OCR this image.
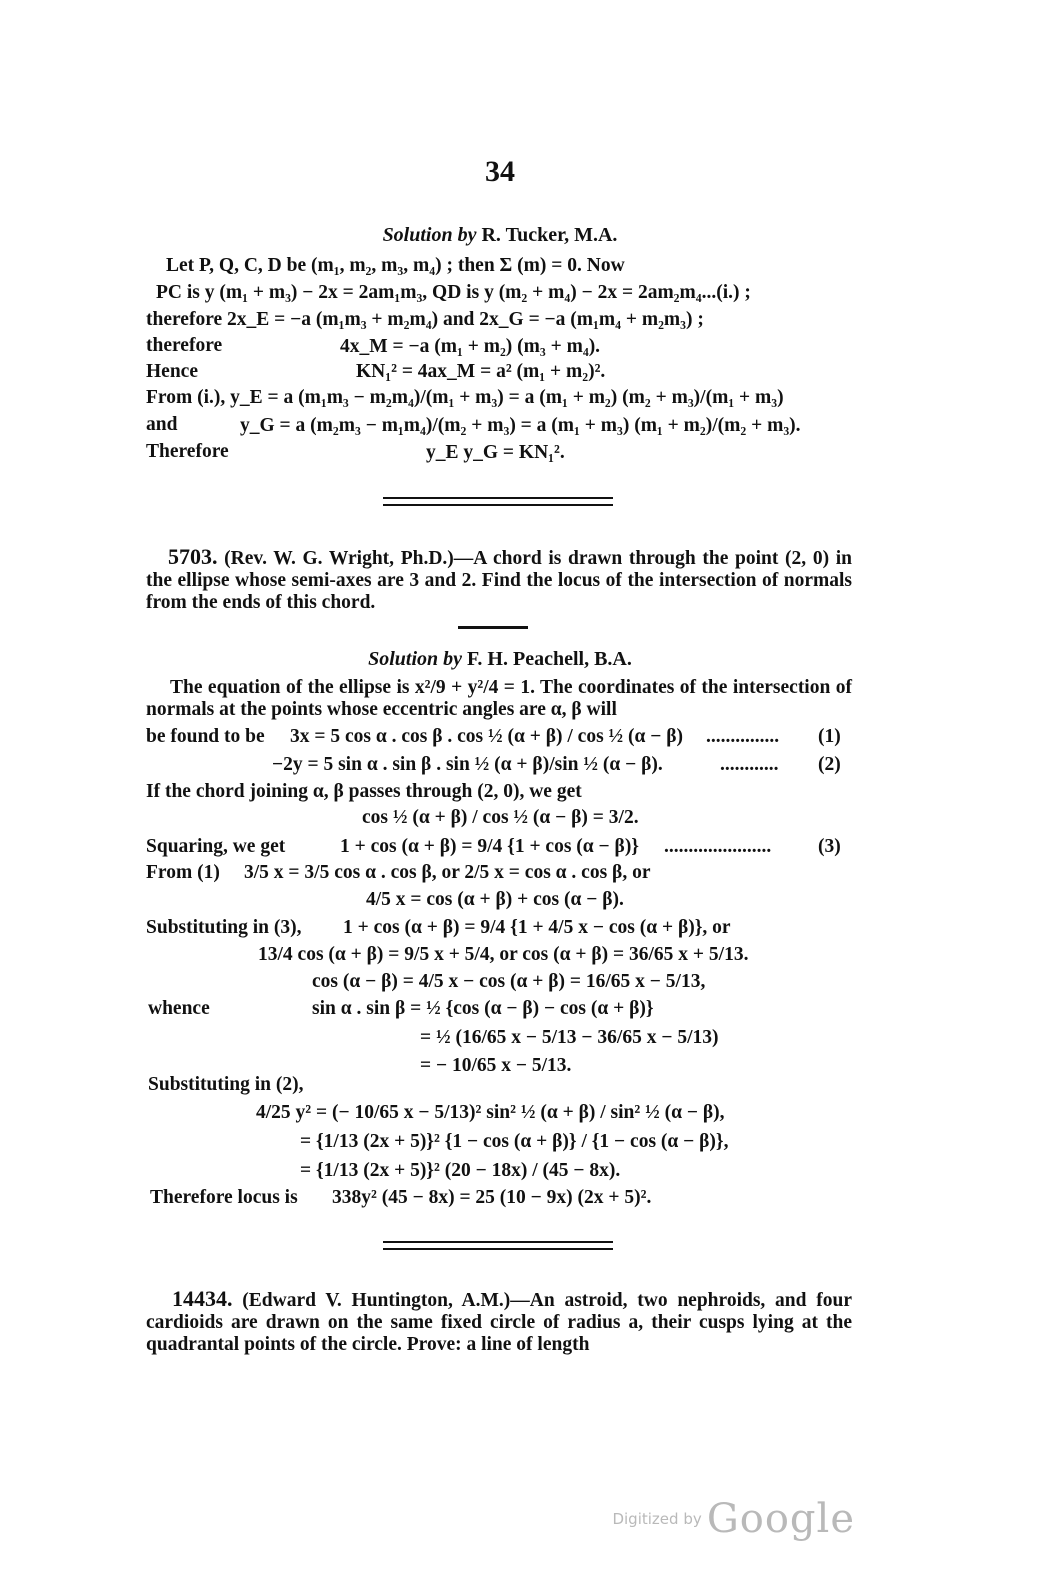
34
Solution by R. Tucker, M.A.
Let P, Q, C, D be (m₁, m₂, m₃, m₄) ; then Σ (m) = 0. Now
PC is y (m₁ + m₃) − 2x = 2am₁m₃, QD is y (m₂ + m₄) − 2x = 2am₂m₄...(i.) ;
therefore 2x_E = −a (m₁m₃ + m₂m₄) and 2x_G = −a (m₁m₄ + m₂m₃) ;
therefore	4x_M = −a (m₁ + m₂) (m₃ + m₄).
Hence	KN₁² = 4ax_M = a² (m₁ + m₂)².
From (i.), y_E = a (m₁m₃ − m₂m₄)/(m₁ + m₃) = a (m₁ + m₂) (m₂ + m₃)/(m₁ + m₃)
and	y_G = a (m₂m₃ − m₁m₄)/(m₂ + m₃) = a (m₁ + m₃) (m₁ + m₂)/(m₂ + m₃).
Therefore	y_E y_G = KN₁².
5703. (Rev. W. G. Wright, Ph.D.)—A chord is drawn through the point (2, 0) in the ellipse whose semi-axes are 3 and 2. Find the locus of the intersection of normals from the ends of this chord.
Solution by F. H. Peachell, B.A.
The equation of the ellipse is x²/9 + y²/4 = 1. The coordinates of the intersection of normals at the points whose eccentric angles are α, β will
be found to be 3x = 5 cos α . cos β . cos ½ (α + β) / cos ½ (α − β) ............... (1)
−2y = 5 sin α . sin β . sin ½ (α + β)/sin ½ (α − β).	............ (2)
If the chord joining α, β passes through (2, 0), we get
cos ½ (α + β) / cos ½ (α − β) = 3/2.
Squaring, we get	1 + cos (α + β) = 9/4 {1 + cos (α − β)} ...................... (3)
From (1) 3/5 x = 3/5 cos α . cos β, or 2/5 x = cos α . cos β, or
4/5 x = cos (α + β) + cos (α − β).
Substituting in (3), 1 + cos (α + β) = 9/4 {1 + 4/5 x − cos (α + β)}, or
13/4 cos (α + β) = 9/5 x + 5/4, or cos (α + β) = 36/65 x + 5/13.
cos (α − β) = 4/5 x − cos (α + β) = 16/65 x − 5/13,
whence	sin α . sin β = ½ {cos (α − β) − cos (α + β)}
= ½ (16/65 x − 5/13 − 36/65 x − 5/13)
= − 10/65 x − 5/13.
Substituting in (2),
4/25 y² = (− 10/65 x − 5/13)² sin² ½ (α + β) / sin² ½ (α − β),
= {1/13 (2x + 5)}² {1 − cos (α + β)} / {1 − cos (α − β)},
= {1/13 (2x + 5)}² (20 − 18x) / (45 − 8x).
Therefore locus is 338y² (45 − 8x) = 25 (10 − 9x) (2x + 5)².
14434. (Edward V. Huntington, A.M.)—An astroid, two nephroids, and four cardioids are drawn on the same fixed circle of radius a, their cusps lying at the quadrantal points of the circle. Prove: a line of length
Digitized by Google
